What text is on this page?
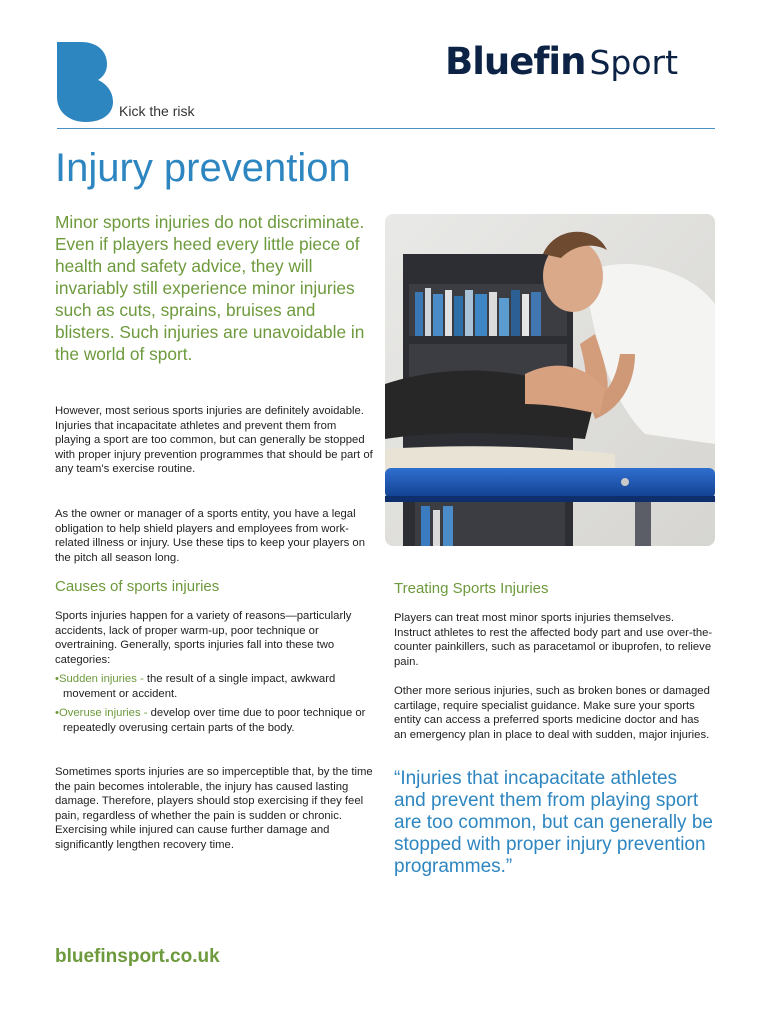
Kick the risk
Bluefin Sport
Injury prevention

Minor sports injuries do not discriminate. Even if players heed every little piece of health and safety advice, they will invariably still experience minor injuries such as cuts, sprains, bruises and blisters. Such injuries are unavoidable in the world of sport.

However, most serious sports injuries are definitely avoidable. Injuries that incapacitate athletes and prevent them from playing a sport are too common, but can generally be stopped with proper injury prevention programmes that should be part of any team's exercise routine.

As the owner or manager of a sports entity, you have a legal obligation to help shield players and employees from work-related illness or injury. Use these tips to keep your players on the pitch all season long.

Causes of sports injuries

Sports injuries happen for a variety of reasons—particularly accidents, lack of proper warm-up, poor technique or overtraining. Generally, sports injuries fall into these two categories:

•Sudden injuries - the result of a single impact, awkward movement or accident.
•Overuse injuries - develop over time due to poor technique or repeatedly overusing certain parts of the body.

Sometimes sports injuries are so imperceptible that, by the time the pain becomes intolerable, the injury has caused lasting damage. Therefore, players should stop exercising if they feel pain, regardless of whether the pain is sudden or chronic. Exercising while injured can cause further damage and significantly lengthen recovery time.

Treating Sports Injuries

Players can treat most minor sports injuries themselves. Instruct athletes to rest the affected body part and use over-the-counter painkillers, such as paracetamol or ibuprofen, to relieve pain.

Other more serious injuries, such as broken bones or damaged cartilage, require specialist guidance. Make sure your sports entity can access a preferred sports medicine doctor and has an emergency plan in place to deal with sudden, major injuries.

“Injuries that incapacitate athletes and prevent them from playing sport are too common, but can generally be stopped with proper injury prevention programmes.”

bluefinsport.co.uk
